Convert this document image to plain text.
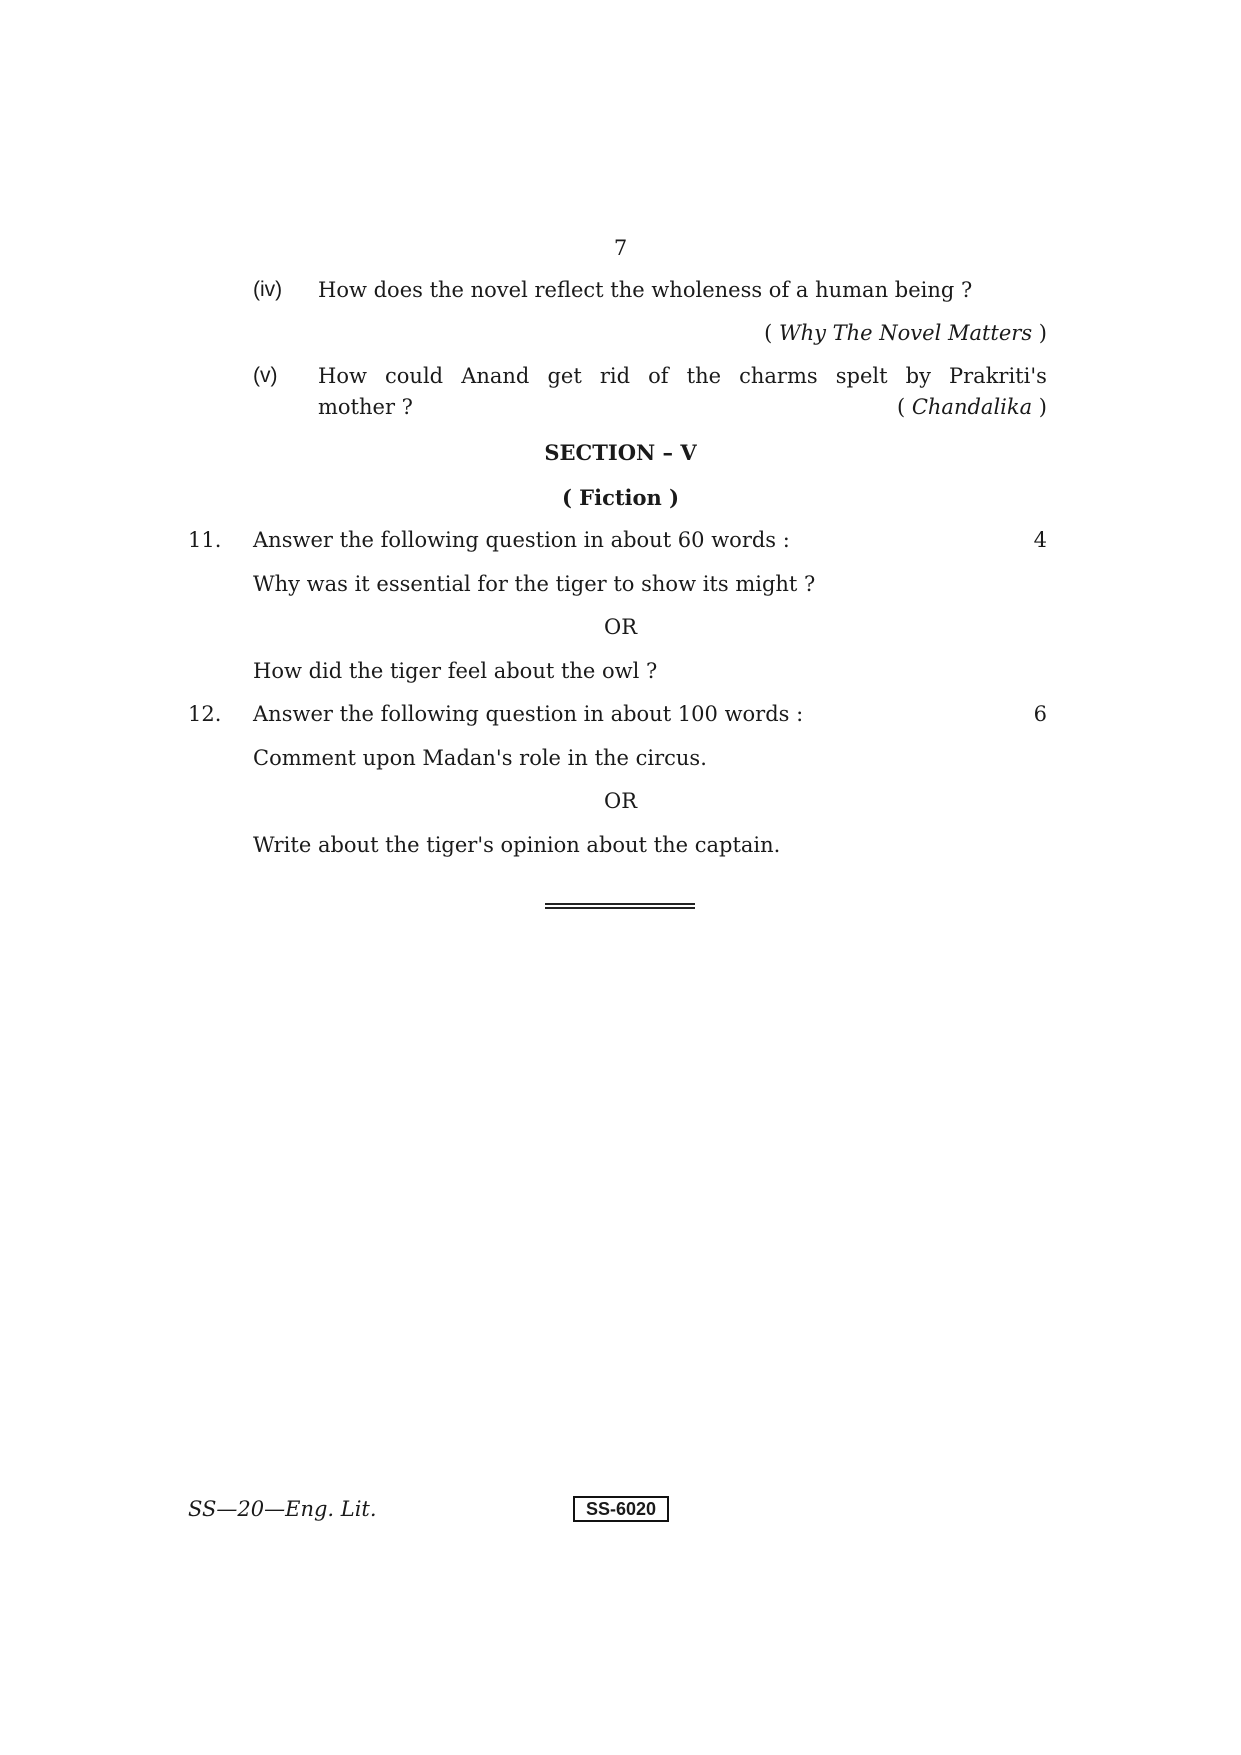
7
(iv) How does the novel reflect the wholeness of a human being ?
( Why The Novel Matters )
(v) How could Anand get rid of the charms spelt by Prakriti's
mother ?	( Chandalika )
SECTION – V
( Fiction )
11. Answer the following question in about 60 words :	4
Why was it essential for the tiger to show its might ?
OR
How did the tiger feel about the owl ?
12. Answer the following question in about 100 words :	6
Comment upon Madan's role in the circus.
OR
Write about the tiger's opinion about the captain.
SS—20—Eng. Lit.	SS-6020
